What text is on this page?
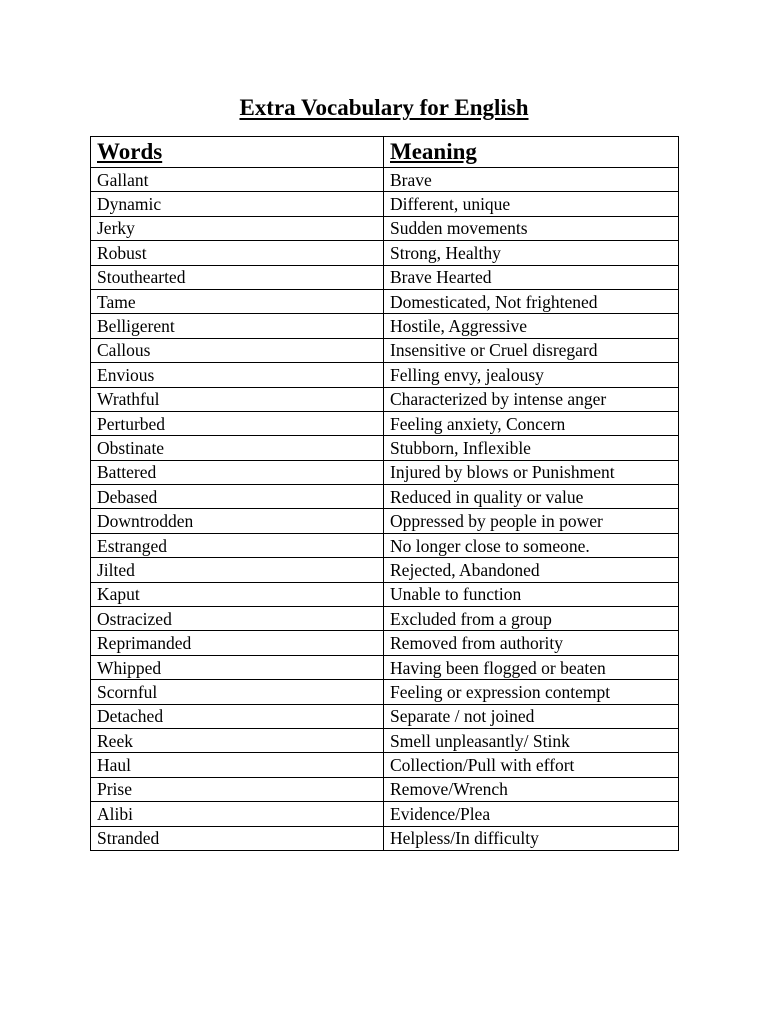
Extra Vocabulary for English
Words	Meaning
Gallant	Brave
Dynamic	Different, unique
Jerky	Sudden movements
Robust	Strong, Healthy
Stouthearted	Brave Hearted
Tame	Domesticated, Not frightened
Belligerent	Hostile, Aggressive
Callous	Insensitive or Cruel disregard
Envious	Felling envy, jealousy
Wrathful	Characterized by intense anger
Perturbed	Feeling anxiety, Concern
Obstinate	Stubborn, Inflexible
Battered	Injured by blows or Punishment
Debased	Reduced in quality or value
Downtrodden	Oppressed by people in power
Estranged	No longer close to someone.
Jilted	Rejected, Abandoned
Kaput	Unable to function
Ostracized	Excluded from a group
Reprimanded	Removed from authority
Whipped	Having been flogged or beaten
Scornful	Feeling or expression contempt
Detached	Separate / not joined
Reek	Smell unpleasantly/ Stink
Haul	Collection/Pull with effort
Prise	Remove/Wrench
Alibi	Evidence/Plea
Stranded	Helpless/In difficulty
